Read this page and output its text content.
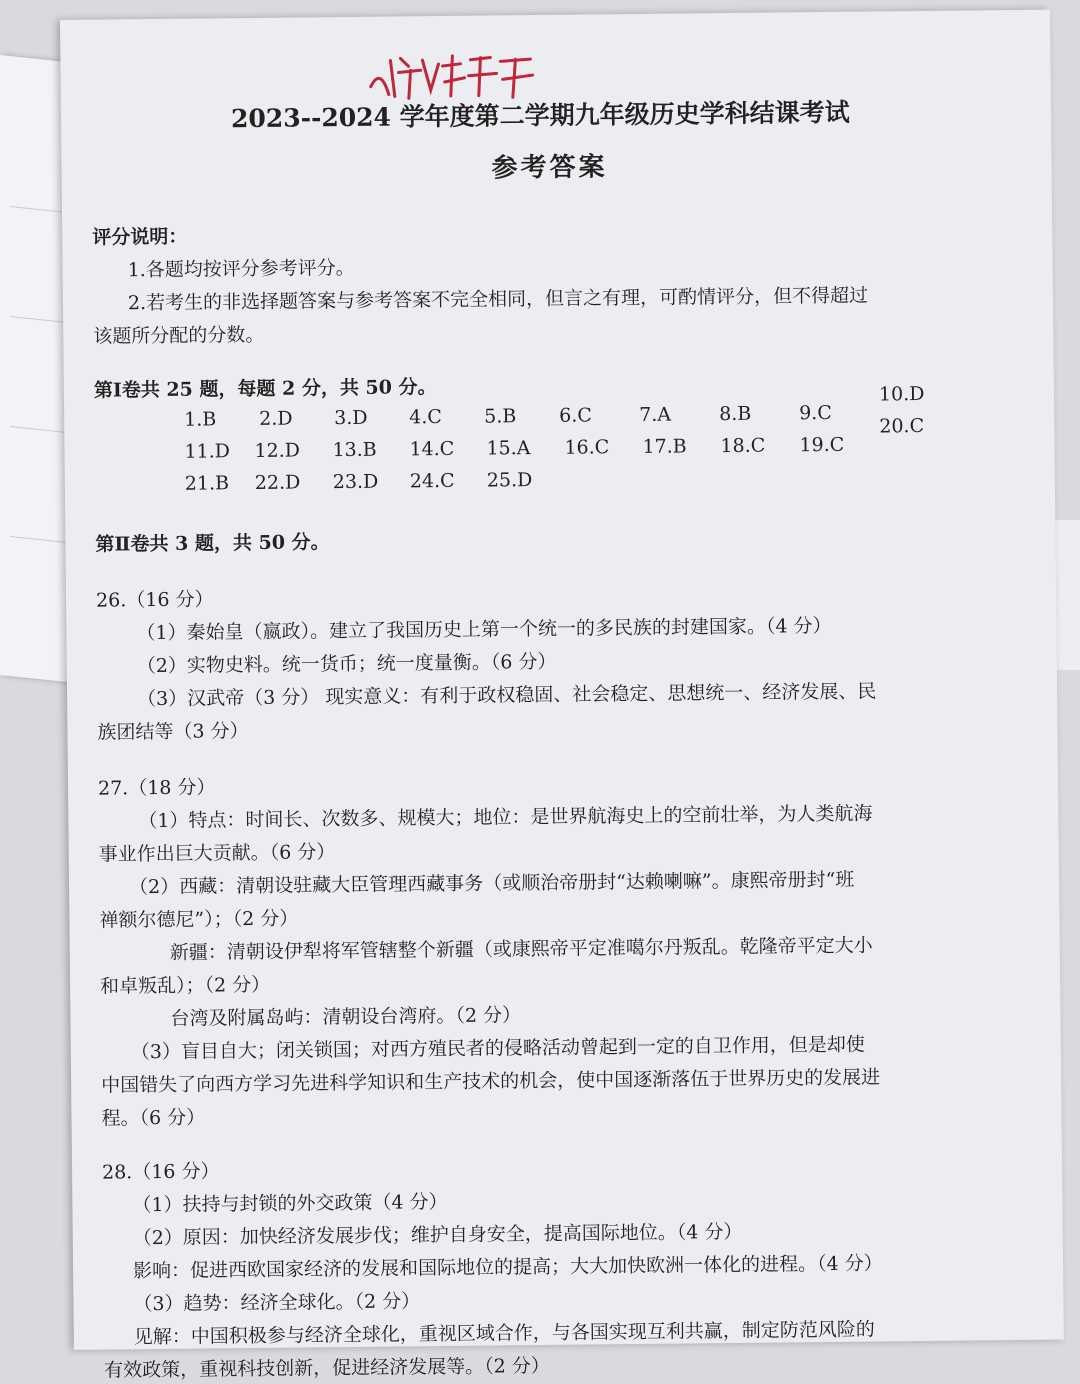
2023--2024 学年度第二学期九年级历史学科结课考试
参考答案
评分说明：
1.各题均按评分参考评分。
2.若考生的非选择题答案与参考答案不完全相同，但言之有理，可酌情评分，但不得超过
该题所分配的分数。
第Ⅰ卷共 25 题，每题 2 分，共 50 分。
1.B 2.D 3.D 4.C 5.B 6.C 7.A	8.B	9.C
10.D
11.D 12.D 13.B 14.C 15.A 16.C 17.B 18.C 19.C
20.C
21.B 22.D 23.D 24.C 25.D
第Ⅱ卷共 3 题，共 50 分。
26.（16 分）
（1）秦始皇（嬴政）。建立了我国历史上第一个统一的多民族的封建国家。（4 分）
（2）实物史料。统一货币；统一度量衡。（6 分）
（3）汉武帝（3 分） 现实意义：有利于政权稳固、社会稳定、思想统一、经济发展、民
族团结等（3 分）
27.（18 分）
（1）特点：时间长、次数多、规模大；地位：是世界航海史上的空前壮举，为人类航海
事业作出巨大贡献。（6 分）
（2）西藏：清朝设驻藏大臣管理西藏事务（或顺治帝册封“达赖喇嘛”。康熙帝册封“班
禅额尔德尼”）；（2 分）
新疆：清朝设伊犁将军管辖整个新疆（或康熙帝平定准噶尔丹叛乱。乾隆帝平定大小
和卓叛乱）；（2 分）
台湾及附属岛屿：清朝设台湾府。（2 分）
（3）盲目自大；闭关锁国；对西方殖民者的侵略活动曾起到一定的自卫作用，但是却使
中国错失了向西方学习先进科学知识和生产技术的机会，使中国逐渐落伍于世界历史的发展进
程。（6 分）
28.（16 分）
（1）扶持与封锁的外交政策（4 分）
（2）原因：加快经济发展步伐；维护自身安全，提高国际地位。（4 分）
影响：促进西欧国家经济的发展和国际地位的提高；大大加快欧洲一体化的进程。（4 分）
（3）趋势：经济全球化。（2 分）
见解：中国积极参与经济全球化，重视区域合作，与各国实现互利共赢，制定防范风险的
有效政策，重视科技创新，促进经济发展等。（2 分）
